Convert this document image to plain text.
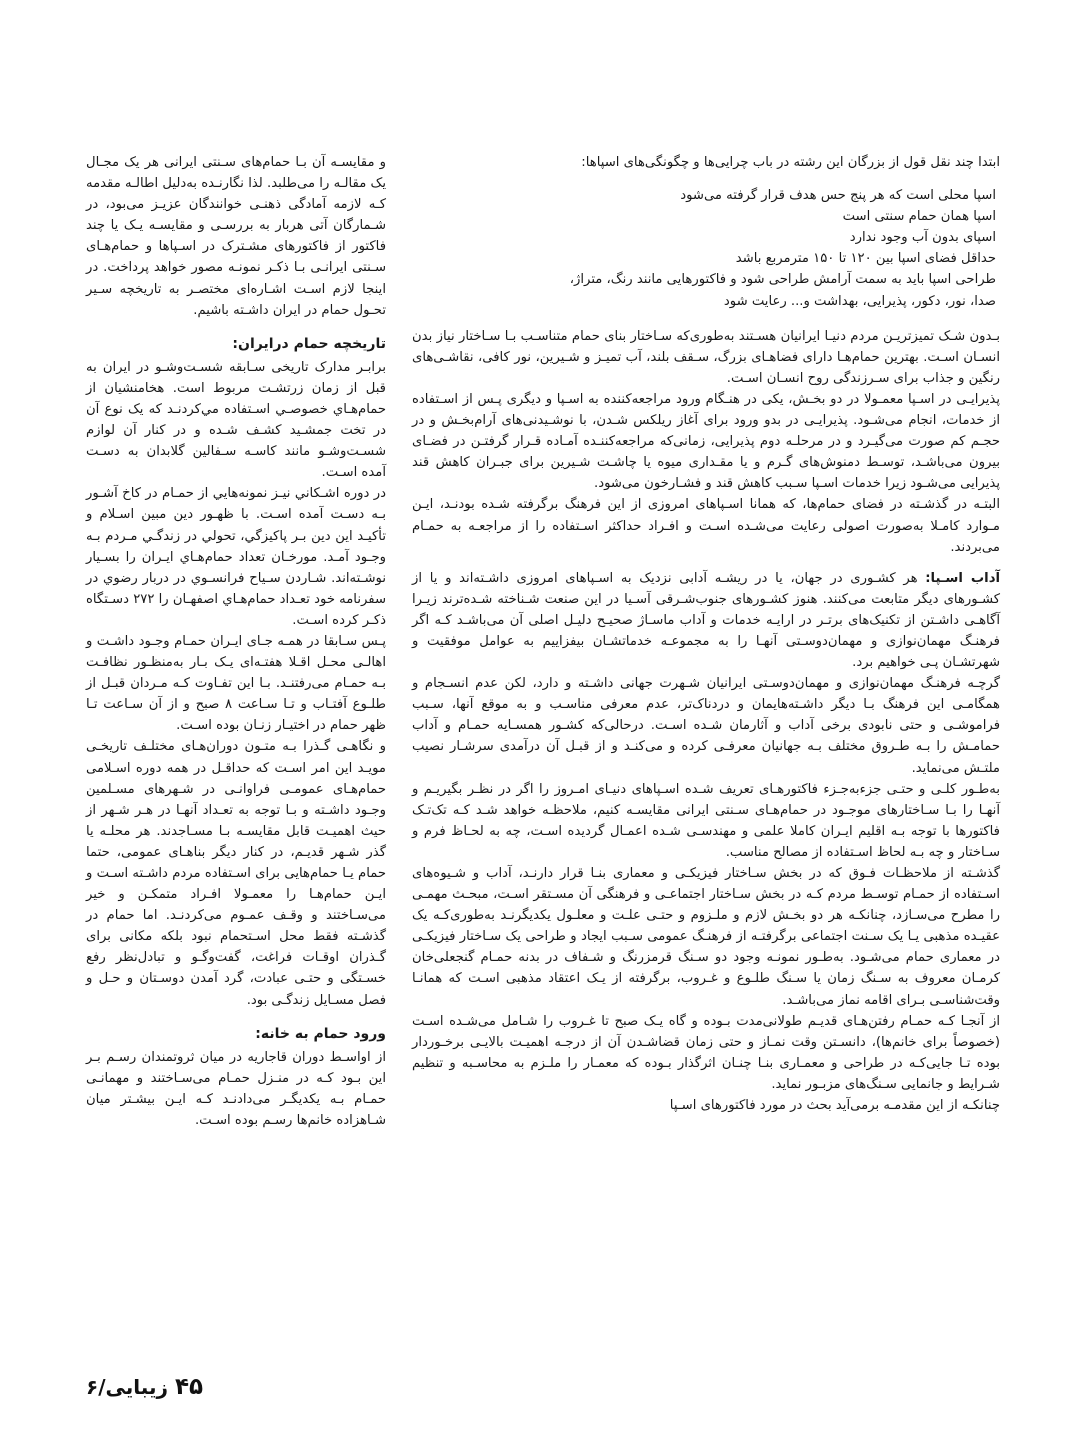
ابتدا چند نقل قول از بزرگان این رشته در باب چرایی‌ها و چگونگی‌های اسپاها:

اسپا محلی است که هر پنج حس هدف قرار گرفته می‌شود
اسپا همان حمام سنتی است
اسپای بدون آب وجود ندارد
حداقل فضای اسپا بین ۱۲۰ تا ۱۵۰ مترمربع باشد
طراحی اسپا باید به سمت آرامش طراحی شود و فاکتورهایی مانند رنگ، متراژ،
صدا، نور، دکور، پذیرایی، بهداشت و... رعایت شود

بـدون شـک تمیزتریـن مردم دنیـا ایرانیان هسـتند به‌طوری‌که سـاختار بنای حمام متناسـب بـا سـاختار نیاز بدن انسـان اسـت. بهترین حمام‌هـا دارای فضاهـای بزرگ، سـقف بلند، آب تمیـز و شـیرین، نور کافی، نقاشـی‌های رنگین و جذاب برای سـرزندگی روح انسـان اسـت.

پذیرایـی در اسـپا معمـولا در دو بخـش، یکی در هنـگام ورود مراجعه‌کننده به اسـپا و دیگری پـس از اسـتفاده از خدمات، انجام می‌شـود. پذیرایـی در بدو ورود برای آغاز ریلکس شـدن، با نوشـیدنی‌های آرام‌بخـش و در حجـم کم صورت می‌گیـرد و در مرحلـه دوم پذیرایی، زمانی‌که مراجعه‌کننـده آمـاده قـرار گرفتـن در فضـای بیرون می‌باشـد، توسـط دمنوش‌های گـرم و یا مقـداری میوه یا چاشـت شـیرین برای جبـران کاهش قند پذیرایی می‌شـود زیرا خدمات اسـپا سـبب کاهش قند و فشـارخون می‌شود.

البتـه در گذشـته در فضای حمام‌ها، که همانا اسـپاهای امروزی از این فرهنگ برگرفته شـده بودنـد، ایـن مـوارد کامـلا به‌صورت اصولی رعایت می‌شـده اسـت و افـراد حداکثر اسـتفاده را از مراجعـه به حمـام می‌بردند.

آداب اسـپا: هر کشـوری در جهان، یا در ریشـه آدابی نزدیک به اسـپاهای امروزی داشـته‌اند و یا از کشـورهای دیگر متابعت می‌کنند. هنوز کشـورهای جنوب‌شـرقی آسـیا در این صنعت شـناخته شـده‌ترند زیـرا آگاهـی داشـتن از تکنیک‌های برتـر در ارایـه خدمات و آداب ماسـاژ صحیـح دلیـل اصلی آن می‌باشـد کـه اگر فرهنـگ مهمان‌نوازی و مهمان‌دوسـتی آنهـا را به مجموعـه خدماتشـان بیفزاییم به عوامل موفقیت و شهرتشـان پـی خواهیم برد.

گرچـه فرهنـگ مهمان‌نوازی و مهمان‌دوسـتی ایرانیان شـهرت جهانی داشـته و دارد، لکن عدم انسـجام و همگامـی این فرهنگ بـا دیگر داشـته‌هایمان و دردناک‌تر، عدم معرفی مناسـب و به موقع آنها، سـبب فراموشـی و حتی نابودی برخی آداب و آثارمان شـده اسـت. درحالی‌که کشـور همسـایه حمـام و آداب حمامـش را بـه طـروق مختلف بـه جهانیان معرفـی کرده و می‌کنـد و از قبـل آن درآمدی سرشـار نصیب ملتـش می‌نماید.

به‌طـور کلـی و حتـی جزء‌به‌جـزء فاکتورهـای تعریف شـده اسـپاهای دنیـای امـروز را اگر در نظـر بگیریـم و آنهـا را بـا سـاختارهای موجـود در حمام‌هـای سـنتی ایرانی مقایسـه کنیم، ملاحظـه خواهد شـد کـه تک‌تـک فاکتورها با توجه بـه اقلیم ایـران کاملا علمی و مهندسـی شـده اعمـال گردیده اسـت، چه به لحـاظ فرم و سـاختار و چه بـه لحاظ اسـتفاده از مصالح مناسب.

گذشـته از ملاحظـات فـوق که در بخش سـاختار فیزیکـی و معماری بنـا قرار دارنـد، آداب و شـیوه‌های اسـتفاده از حمـام توسـط مردم کـه در بخش سـاختار اجتماعـی و فرهنگی آن مسـتقر اسـت، مبحـث مهمـی را مطرح می‌سـازد، چنانکـه هر دو بخـش لازم و ملـزوم و حتـی علـت و معلـول یکدیگرنـد به‌طوری‌کـه یک عقیـده مذهبی یـا یک سـنت اجتماعی برگرفتـه از فرهنـگ عمومی سـبب ایجاد و طراحی یک سـاختار فیزیکـی در معماری حمام می‌شـود. به‌طـور نمونـه وجود دو سـنگ قرمزرنگ و شـفاف در بدنه حمـام گنجعلی‌خان کرمـان معروف به سـنگ زمان یا سـنگ طلـوع و غـروب، برگرفته از یـک اعتقاد مذهبی اسـت که همانـا وقت‌شناسـی بـرای اقامه نماز می‌باشـد.

از آنجـا کـه حمـام رفتن‌هـای قدیـم طولانی‌مدت بـوده و گاه یـک صبح تا غـروب را شـامل می‌شـده اسـت (خصوصاً برای خانم‌ها)، دانسـتن وقت نمـاز و حتی زمان قضاشـدن آن از درجـه اهمیـت بالایـی برخـوردار بوده تـا جایی‌کـه در طراحی و معمـاری بنـا چنـان اثرگذار بـوده که معمـار را ملـزم به محاسـبه و تنظیم شـرایط و جانمایی سـنگ‌های مزبـور نماید.

چنانکـه از این مقدمـه برمی‌آید بحث در مورد فاکتورهای اسـپا

و مقایسـه آن بـا حمام‌های سـنتی ایرانی هر یک مجـال یک مقالـه را می‌طلبد. لذا نگارنـده به‌دلیل اطالـه مقدمه کـه لازمه آمادگی ذهنـی خوانندگان عزیـز می‌بود، در شـمارگان آتی هربار به بررسـی و مقایسـه یـک یا چند فاکتور از فاکتورهای مشـترک در اسـپاها و حمام‌هـای سـنتی ایرانـی بـا ذکـر نمونـه مصور خواهد پرداخت. در اینجا لازم اسـت اشـاره‌ای مختصـر به تاریخچه سـیر تحـول حمام در ایران داشـته باشیم.

تاریخچه حمام درایران:

برابـر مدارک تاریخی سـابقه شسـت‌وشـو در ایران به قبل از زمان زرتشـت مربوط است. هخامنشیان از حمام‌هـاي خصوصـي اسـتفاده مي‌كردنـد كه یک نوع آن در تخت جمشـید كشـف شـده و در كنار آن لوازم شسـت‌وشـو مانند كاسـه سـفالین گلابدان به دسـت آمده اسـت.

در دوره اشـكاني نيـز نمونه‌هايي از حمـام در كاخ آشـور بـه دسـت آمده اسـت. با ظهـور دين مبين اسـلام و تأكيـد اين دين بـر پاكيزگي، تحولي در زندگـي مـردم بـه وجـود آمـد. مورخـان تعداد حمام‌هـاي ايـران را بسـيار نوشـته‌اند. شـاردن سـياح فرانسـوي در دربار رضوي در سفرنامه خود تعـداد حمام‌هـاي اصفهـان را ۲۷۲ دسـتگاه ذكـر كرده اسـت.

پـس سـابقا در همـه جـای ایـران حمـام وجـود داشـت و اهالـی محـل اقـلا هفتـه‌ای یـک بـار به‌منظـور نظافـت بـه حمـام می‌رفتنـد. بـا این تفـاوت کـه مـردان قبـل از طلـوع آفتـاب و تـا سـاعت ۸ صبح و از آن سـاعت تـا ظهر حمام در اختیـار زنـان بوده اسـت.

و نگاهـی گـذرا بـه متـون دوران‌هـای مختلـف تاریخـی مویـد این امر اسـت که حداقـل در همه دوره اسـلامی حمام‌هـای عمومـی فراوانـی در شـهرهای مسـلمین وجـود داشـته و بـا توجه به تعـداد آنهـا در هـر شـهر از حیث اهمیـت قابل مقایسـه بـا مسـاجدند. هر محلـه یا گذر شـهر قدیـم، در کنار دیگر بناهـای عمومی، حتما حمام یـا حمام‌هایی برای اسـتفاده مردم داشـته اسـت و ایـن حمام‌هـا را معمـولا افـراد متمکـن و خیر می‌سـاختند و وقـف عمـوم می‌کردنـد. اما حمام در گذشـته فقط محل اسـتحمام نبود بلکه مکانی برای گـذران اوقـات فراغت، گفت‌وگـو و تبادل‌نظر رفع خسـتگی و حتـی عبادت، گرد آمدن دوسـتان و حـل و فصل مسـایل زندگـی بود.

ورود حمام به خانه:

از اواسـط دوران قاجاریه در میان ثروتمندان رسـم بـر این بـود کـه در منـزل حمـام می‌سـاختند و مهمانـی حمـام بـه یکدیگـر می‌دادنـد کـه ایـن بیشـتر میان شـاهزاده خانم‌ها رسـم بوده اسـت.

۴۵ زیبایی/۶
